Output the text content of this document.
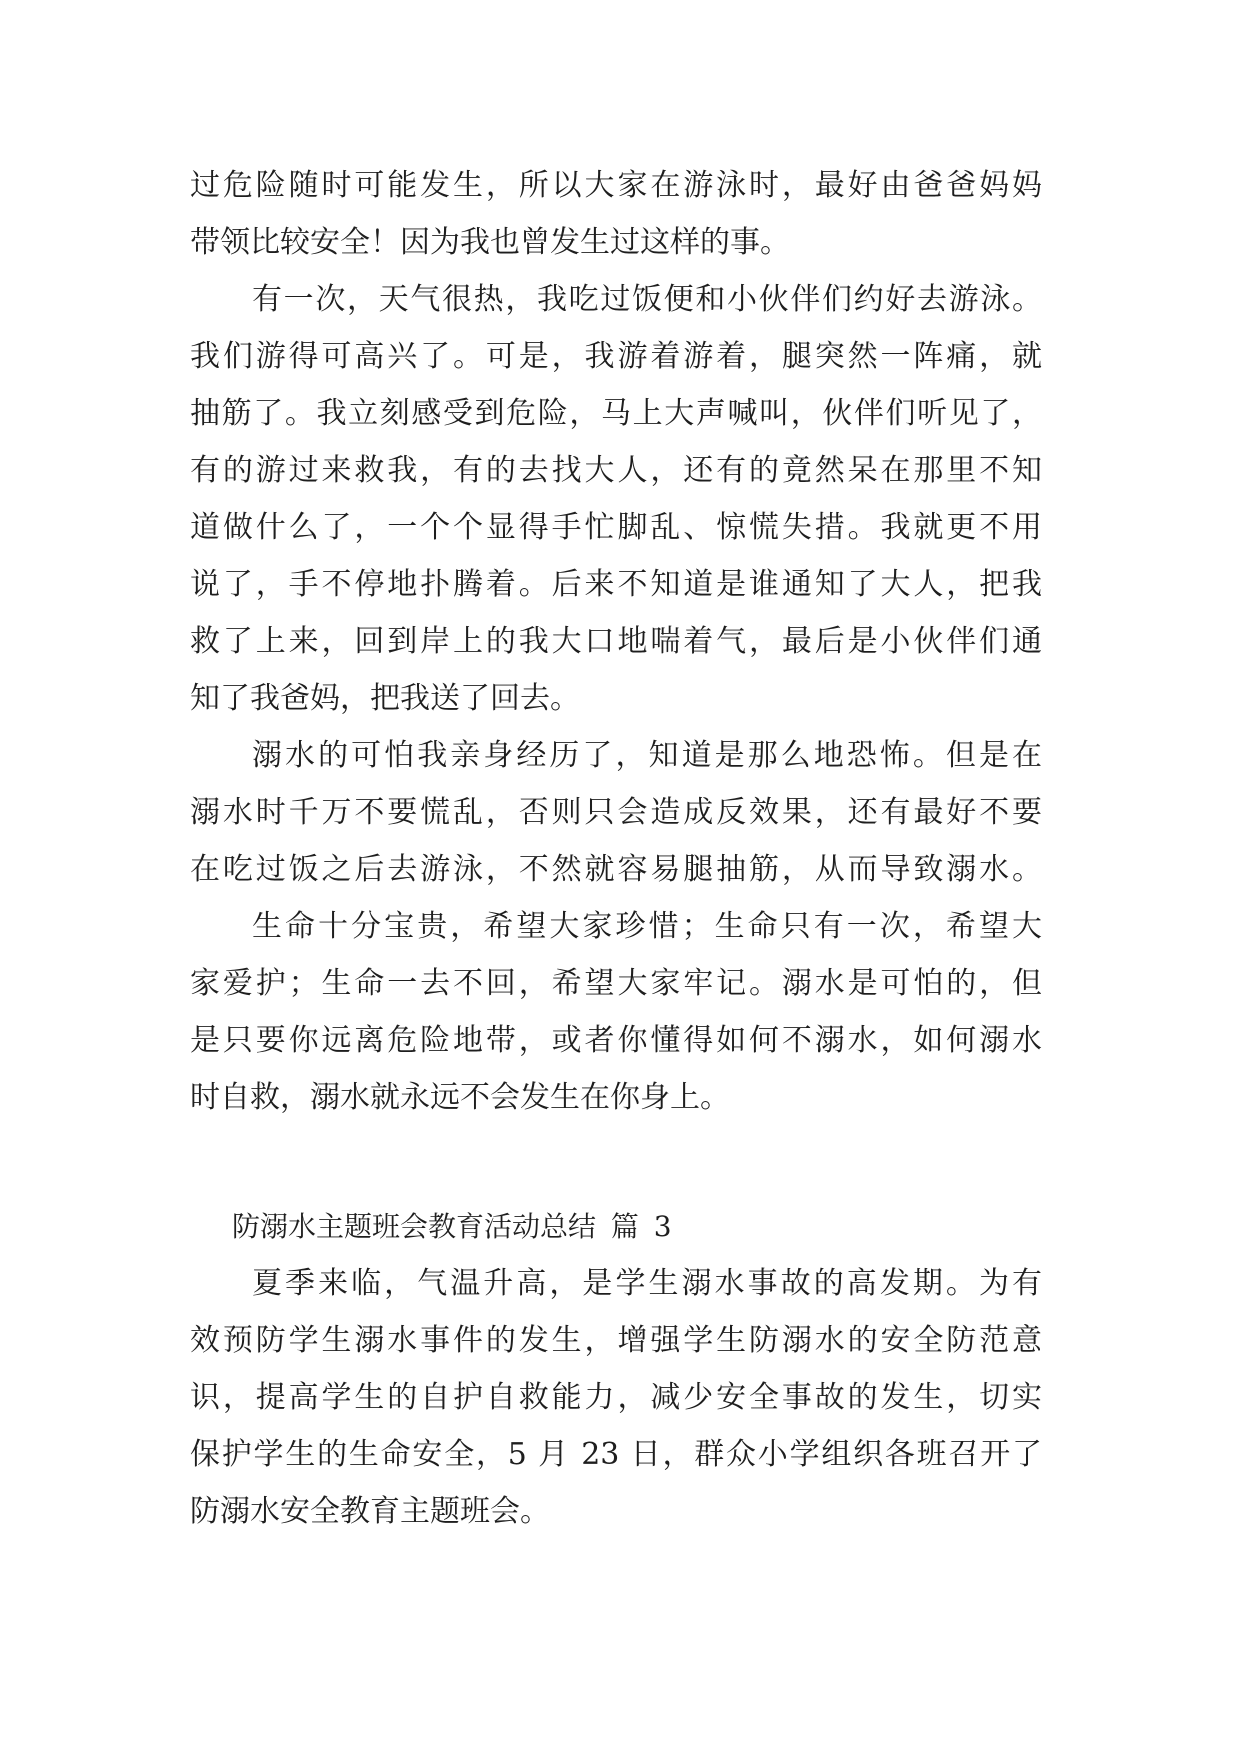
过危险随时可能发生，所以大家在游泳时，最好由爸爸妈妈
带领比较安全！因为我也曾发生过这样的事。
有一次，天气很热，我吃过饭便和小伙伴们约好去游泳。
我们游得可高兴了。可是，我游着游着，腿突然一阵痛，就
抽筋了。我立刻感受到危险，马上大声喊叫，伙伴们听见了，
有的游过来救我，有的去找大人，还有的竟然呆在那里不知
道做什么了，一个个显得手忙脚乱、惊慌失措。我就更不用
说了，手不停地扑腾着。后来不知道是谁通知了大人，把我
救了上来，回到岸上的我大口地喘着气，最后是小伙伴们通
知了我爸妈，把我送了回去。
溺水的可怕我亲身经历了，知道是那么地恐怖。但是在
溺水时千万不要慌乱，否则只会造成反效果，还有最好不要
在吃过饭之后去游泳，不然就容易腿抽筋，从而导致溺水。
生命十分宝贵，希望大家珍惜；生命只有一次，希望大
家爱护；生命一去不回，希望大家牢记。溺水是可怕的，但
是只要你远离危险地带，或者你懂得如何不溺水，如何溺水
时自救，溺水就永远不会发生在你身上。
防溺水主题班会教育活动总结 篇 3
夏季来临，气温升高，是学生溺水事故的高发期。为有
效预防学生溺水事件的发生，增强学生防溺水的安全防范意
识，提高学生的自护自救能力，减少安全事故的发生，切实
保护学生的生命安全，5 月 23 日，群众小学组织各班召开了
防溺水安全教育主题班会。
